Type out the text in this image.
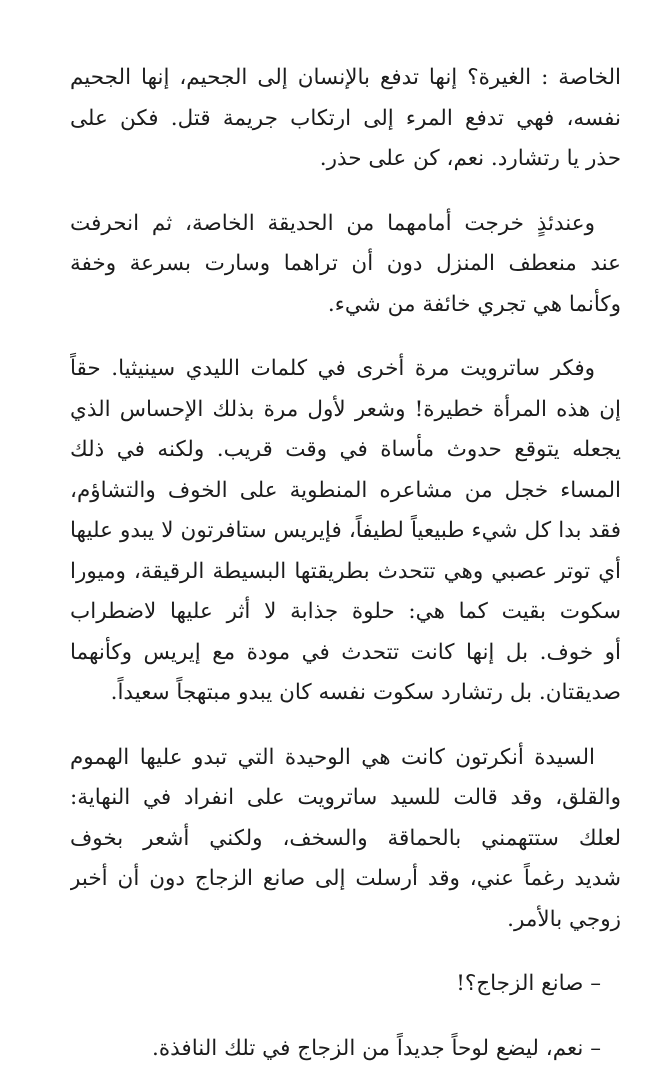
الخاصة : الغيرة؟ إنها تدفع بالإنسان إلى الجحيم، إنها الجحيم
نفسه، فهي تدفع المرء إلى ارتكاب جريمة قتل. فكن على
حذر يا رتشارد. نعم، كن على حذر.
وعندئذٍ خرجت أمامهما من الحديقة الخاصة، ثم انحرفت
عند منعطف المنزل دون أن تراهما وسارت بسرعة وخفة
وكأنما هي تجري خائفة من شيء.
وفكر ساترويت مرة أخرى في كلمات الليدي سينيثيا. حقاً
إن هذه المرأة خطيرة! وشعر لأول مرة بذلك الإحساس الذي
يجعله يتوقع حدوث مأساة في وقت قريب. ولكنه في ذلك
المساء خجل من مشاعره المنطوية على الخوف والتشاؤم،
فقد بدا كل شيء طبيعياً لطيفاً، فإيريس ستافرتون لا يبدو عليها
أي توتر عصبي وهي تتحدث بطريقتها البسيطة الرقيقة، وميورا
سكوت بقيت كما هي: حلوة جذابة لا أثر عليها لاضطراب
أو خوف. بل إنها كانت تتحدث في مودة مع إيريس وكأنهما
صديقتان. بل رتشارد سكوت نفسه كان يبدو مبتهجاً سعيداً.
السيدة أنكرتون كانت هي الوحيدة التي تبدو عليها الهموم
والقلق، وقد قالت للسيد ساترويت على انفراد في النهاية:
لعلك ستتهمني بالحماقة والسخف، ولكني أشعر بخوف
شديد رغماً عني، وقد أرسلت إلى صانع الزجاج دون أن أخبر
زوجي بالأمر.
– صانع الزجاج؟!
– نعم، ليضع لوحاً جديداً من الزجاج في تلك النافذة.
